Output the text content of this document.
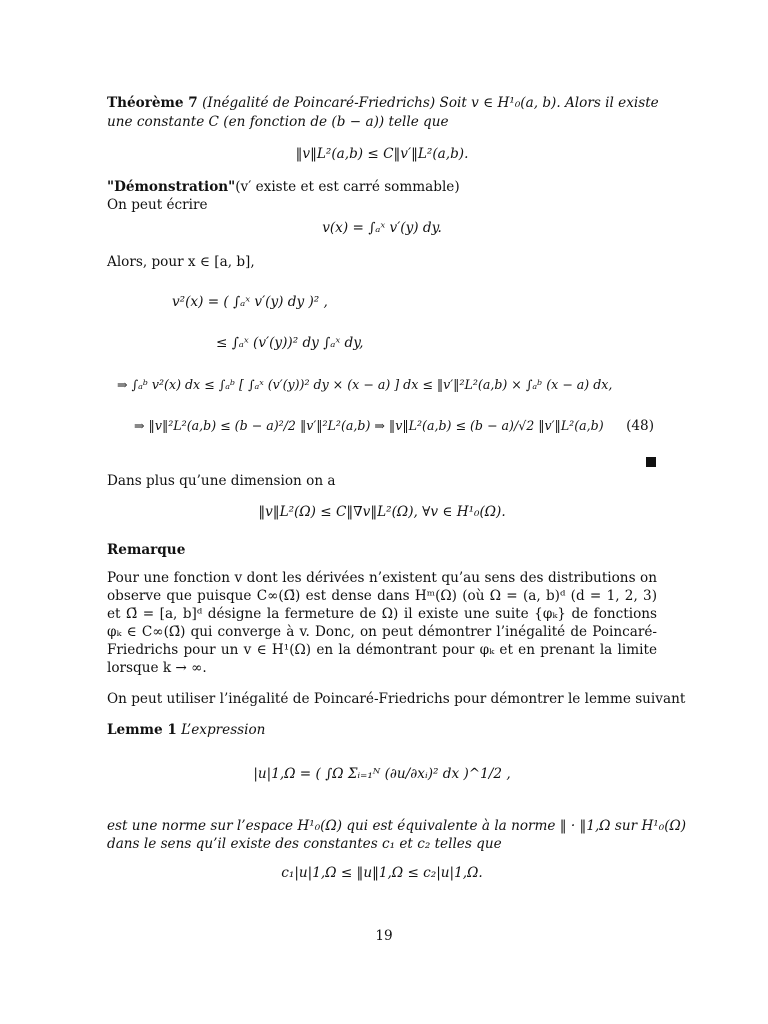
Théorème 7 (Inégalité de Poincaré-Friedrichs) Soit v ∈ H¹₀(a, b). Alors il existe
une constante C (en fonction de (b − a)) telle que
‖v‖L²(a,b) ≤ C‖v′‖L²(a,b).
"Démonstration"(v′ existe et est carré sommable)
On peut écrire
v(x) = ∫ₐˣ v′(y) dy.
Alors, pour x ∈ [a, b],
v²(x) = ( ∫ₐˣ v′(y) dy )² ,
≤ ∫ₐˣ (v′(y))² dy ∫ₐˣ dy,
⇒ ∫ₐᵇ v²(x) dx ≤ ∫ₐᵇ [ ∫ₐˣ (v′(y))² dy × (x − a) ] dx ≤ ‖v′‖²L²(a,b) × ∫ₐᵇ (x − a) dx,
⇒ ‖v‖²L²(a,b) ≤ (b − a)²/2 ‖v′‖²L²(a,b) ⇒ ‖v‖L²(a,b) ≤ (b − a)/√2 ‖v′‖L²(a,b) (48)
Dans plus qu’une dimension on a
‖v‖L²(Ω) ≤ C‖∇v‖L²(Ω), ∀v ∈ H¹₀(Ω).
Remarque
Pour une fonction v dont les dérivées n’existent qu’au sens des distributions on
observe que puisque C∞(Ω̄) est dense dans Hᵐ(Ω) (où Ω = (a, b)ᵈ (d = 1, 2, 3)
et Ω̄ = [a, b]ᵈ désigne la fermeture de Ω) il existe une suite {φₖ} de fonctions
φₖ ∈ C∞(Ω̄) qui converge à v. Donc, on peut démontrer l’inégalité de Poincaré-
Friedrichs pour un v ∈ H¹(Ω) en la démontrant pour φₖ et en prenant la limite
lorsque k → ∞.
On peut utiliser l’inégalité de Poincaré-Friedrichs pour démontrer le lemme suivant
Lemme 1 L’expression
|u|1,Ω = ( ∫Ω Σᵢ₌₁ᴺ (∂u/∂xᵢ)² dx )^1/2 ,
est une norme sur l’espace H¹₀(Ω) qui est équivalente à la norme ‖ · ‖1,Ω sur H¹₀(Ω)
dans le sens qu’il existe des constantes c₁ et c₂ telles que
c₁|u|1,Ω ≤ ‖u‖1,Ω ≤ c₂|u|1,Ω.
19
